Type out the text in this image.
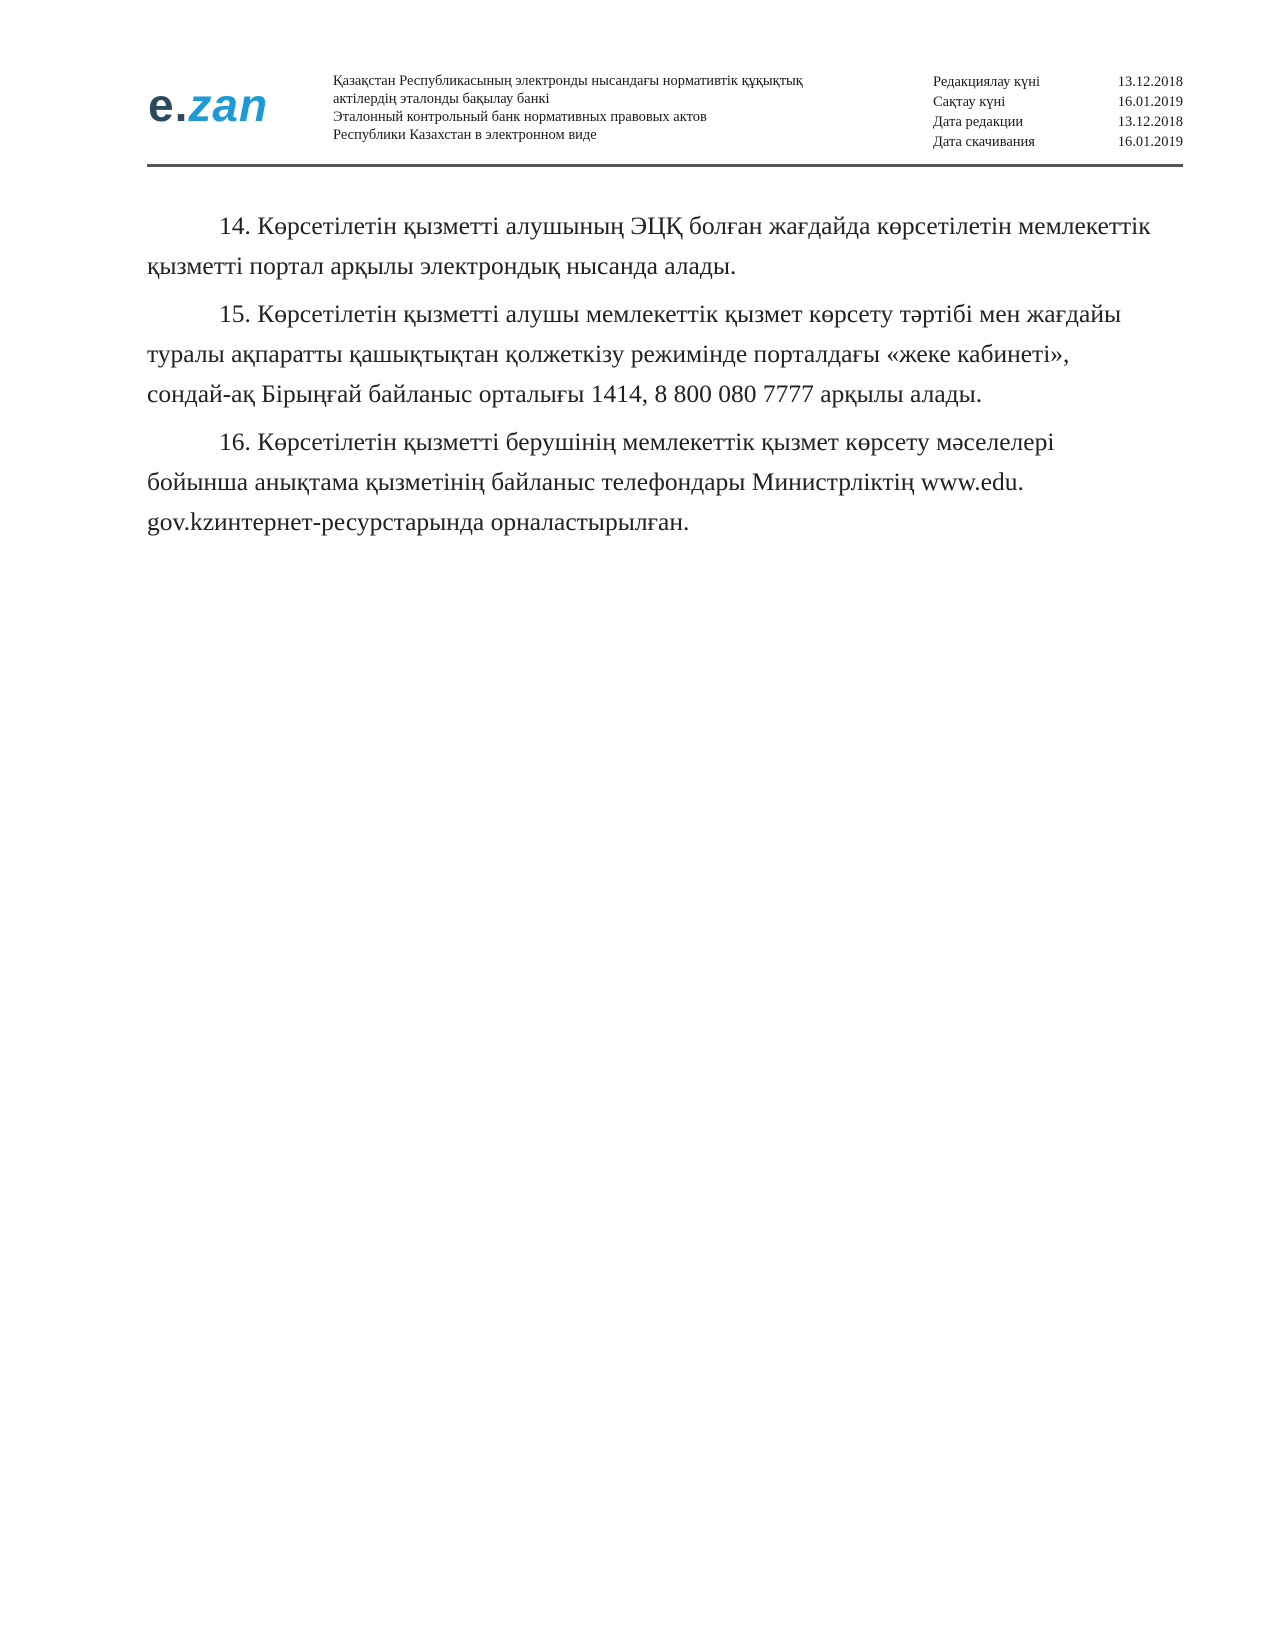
e.zan	Қазақстан Республикасының электронды нысандағы нормативтік құқықтық
актілердің эталонды бақылау банкі
Эталонный контрольный банк нормативных правовых актов
Республики Казахстан в электронном виде
Редакциялау күні	13.12.2018
Сақтау күні	16.01.2019
Дата редакции	13.12.2018
Дата скачивания	16.01.2019

14. Көрсетілетін қызметті алушының ЭЦҚ болған жағдайда көрсетілетін мемлекеттік қызметті портал арқылы электрондық нысанда алады.

15. Көрсетілетін қызметті алушы мемлекеттік қызмет көрсету тәртібі мен жағдайы туралы ақпаратты қашықтықтан қолжеткізу режимінде порталдағы «жеке кабинеті», сондай-ақ Бірыңғай байланыс орталығы 1414, 8 800 080 7777 арқылы алады.

16. Көрсетілетін қызметті берушінің мемлекеттік қызмет көрсету мәселелері бойынша анықтама қызметінің байланыс телефондары Министрліктің www.edu. gov.kzинтернет-ресурстарында орналастырылған.
